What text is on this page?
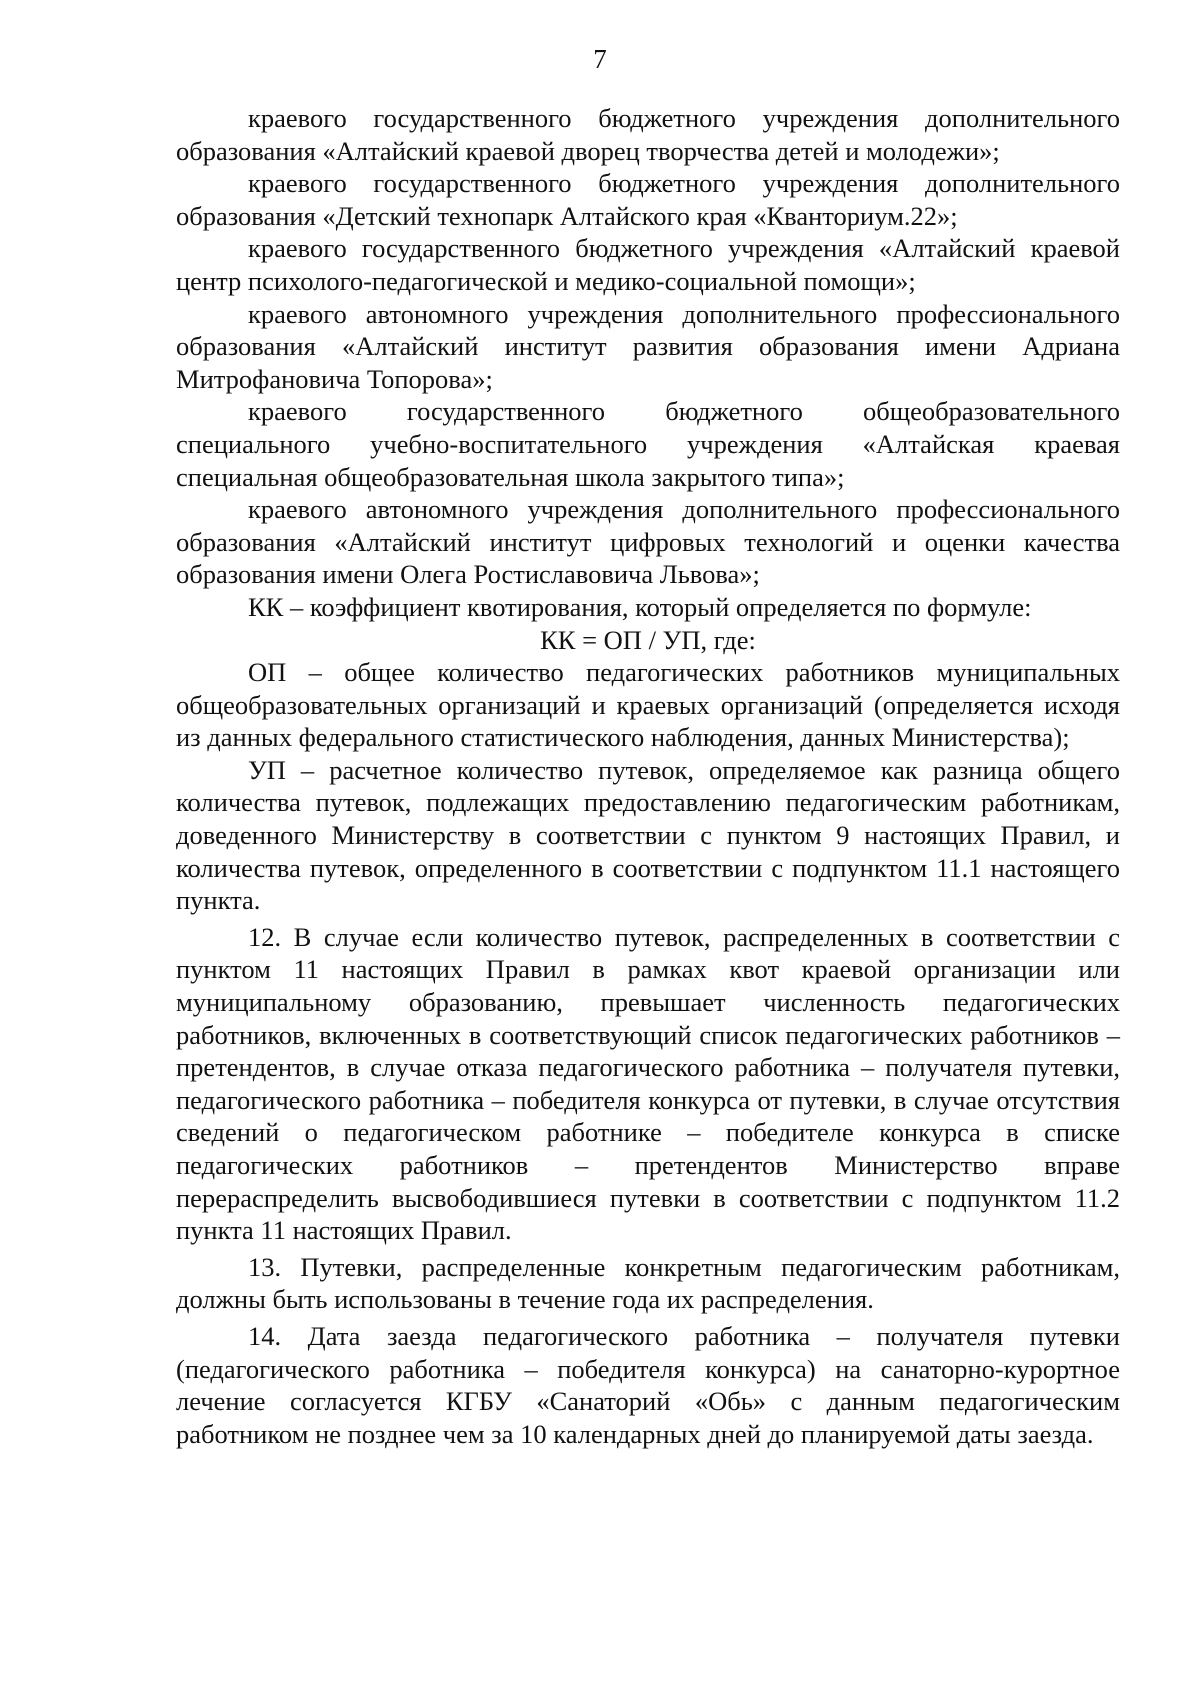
7

краевого государственного бюджетного учреждения дополнительного образования «Алтайский краевой дворец творчества детей и молодежи»;

краевого государственного бюджетного учреждения дополнительного образования «Детский технопарк Алтайского края «Кванториум.22»;

краевого государственного бюджетного учреждения «Алтайский краевой центр психолого-педагогической и медико-социальной помощи»;

краевого автономного учреждения дополнительного профессионального образования «Алтайский институт развития образования имени Адриана Митрофановича Топорова»;

краевого государственного бюджетного общеобразовательного специального учебно-воспитательного учреждения «Алтайская краевая специальная общеобразовательная школа закрытого типа»;

краевого автономного учреждения дополнительного профессионального образования «Алтайский институт цифровых технологий и оценки качества образования имени Олега Ростиславовича Львова»;

КК – коэффициент квотирования, который определяется по формуле:

КК = ОП / УП, где:

ОП – общее количество педагогических работников муниципальных общеобразовательных организаций и краевых организаций (определяется исходя из данных федерального статистического наблюдения, данных Министерства);

УП – расчетное количество путевок, определяемое как разница общего количества путевок, подлежащих предоставлению педагогическим работникам, доведенного Министерству в соответствии с пунктом 9 настоящих Правил, и количества путевок, определенного в соответствии с подпунктом 11.1 настоящего пункта.

12. В случае если количество путевок, распределенных в соответствии с пунктом 11 настоящих Правил в рамках квот краевой организации или муниципальному образованию, превышает численность педагогических работников, включенных в соответствующий список педагогических работников – претендентов, в случае отказа педагогического работника – получателя путевки, педагогического работника – победителя конкурса от путевки, в случае отсутствия сведений о педагогическом работнике – победителе конкурса в списке педагогических работников – претендентов Министерство вправе перераспределить высвободившиеся путевки в соответствии с подпунктом 11.2 пункта 11 настоящих Правил.

13. Путевки, распределенные конкретным педагогическим работникам, должны быть использованы в течение года их распределения.

14. Дата заезда педагогического работника – получателя путевки (педагогического работника – победителя конкурса) на санаторно-курортное лечение согласуется КГБУ «Санаторий «Обь» с данным педагогическим работником не позднее чем за 10 календарных дней до планируемой даты заезда.
